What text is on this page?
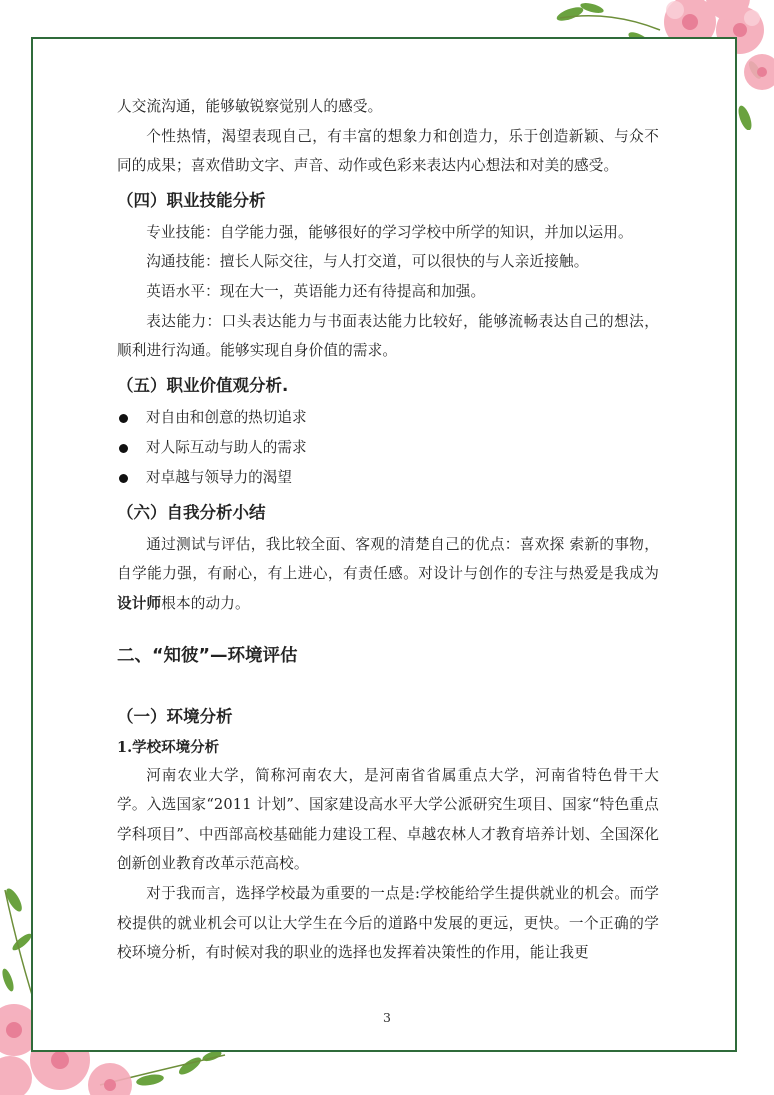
人交流沟通，能够敏锐察觉别人的感受。

个性热情，渴望表现自己，有丰富的想象力和创造力，乐于创造新颖、与众不同的成果；喜欢借助文字、声音、动作或色彩来表达内心想法和对美的感受。

（四）职业技能分析

专业技能：自学能力强，能够很好的学习学校中所学的知识，并加以运用。

沟通技能：擅长人际交往，与人打交道，可以很快的与人亲近接触。

英语水平：现在大一，英语能力还有待提高和加强。

表达能力：口头表达能力与书面表达能力比较好，能够流畅表达自己的想法，顺利进行沟通。能够实现自身价值的需求。

（五）职业价值观分析.

对自由和创意的热切追求

对人际互动与助人的需求

对卓越与领导力的渴望

（六）自我分析小结

通过测试与评估，我比较全面、客观的清楚自己的优点：喜欢探 索新的事物，自学能力强，有耐心，有上进心，有责任感。对设计与创作的专注与热爱是我成为设计师根本的动力。

二、“知彼”—环境评估

（一）环境分析

1.学校环境分析

河南农业大学，简称河南农大，是河南省省属重点大学，河南省特色骨干大学。入选国家“2011 计划”、国家建设高水平大学公派研究生项目、国家“特色重点学科项目”、中西部高校基础能力建设工程、卓越农林人才教育培养计划、全国深化创新创业教育改革示范高校。

对于我而言，选择学校最为重要的一点是:学校能给学生提供就业的机会。而学校提供的就业机会可以让大学生在今后的道路中发展的更远，更快。一个正确的学校环境分析，有时候对我的职业的选择也发挥着决策性的作用，能让我更

3
